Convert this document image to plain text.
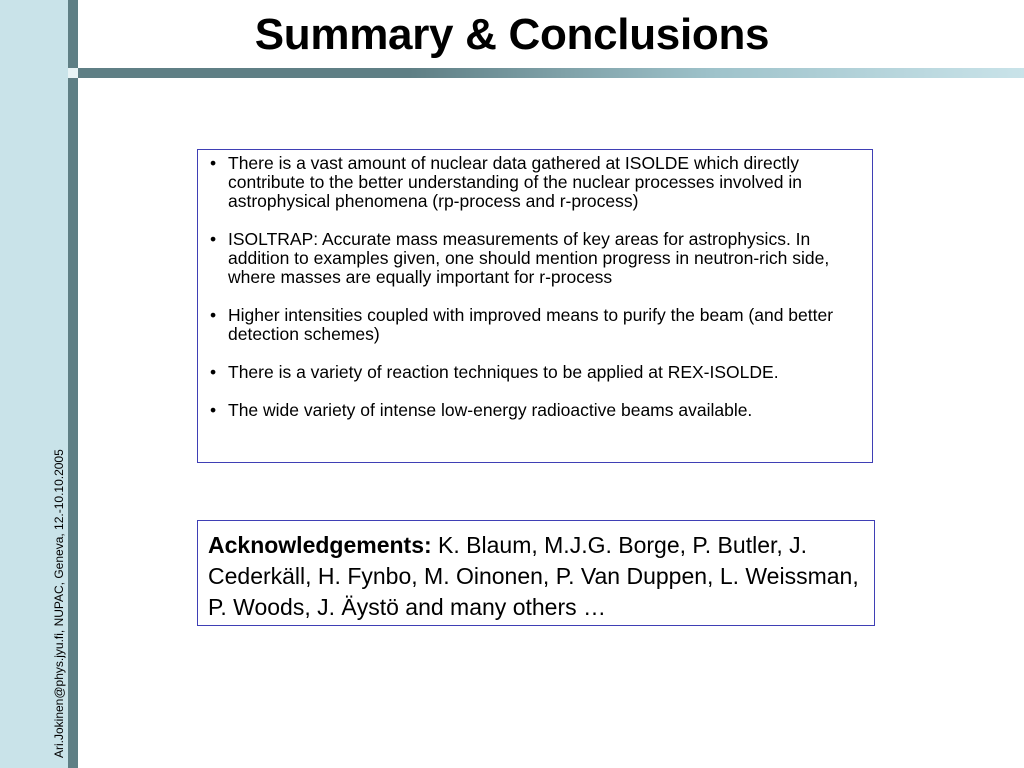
Summary & Conclusions
Ari.Jokinen@phys.jyu.fi, NUPAC, Geneva, 12.-10.10.2005
• There is a vast amount of nuclear data gathered at ISOLDE which directly contribute to the better understanding of the nuclear processes involved in astrophysical phenomena (rp-process and r-process)
• ISOLTRAP: Accurate mass measurements of key areas for astrophysics. In addition to examples given, one should mention progress in neutron-rich side, where masses are equally important for r-process
• Higher intensities coupled with improved means to purify the beam (and better detection schemes)
• There is a variety of reaction techniques to be applied at REX-ISOLDE.
• The wide variety of intense low-energy radioactive beams available.
Acknowledgements: K. Blaum, M.J.G. Borge, P. Butler, J. Cederkäll, H. Fynbo, M. Oinonen, P. Van Duppen, L. Weissman, P. Woods, J. Äystö and many others …
